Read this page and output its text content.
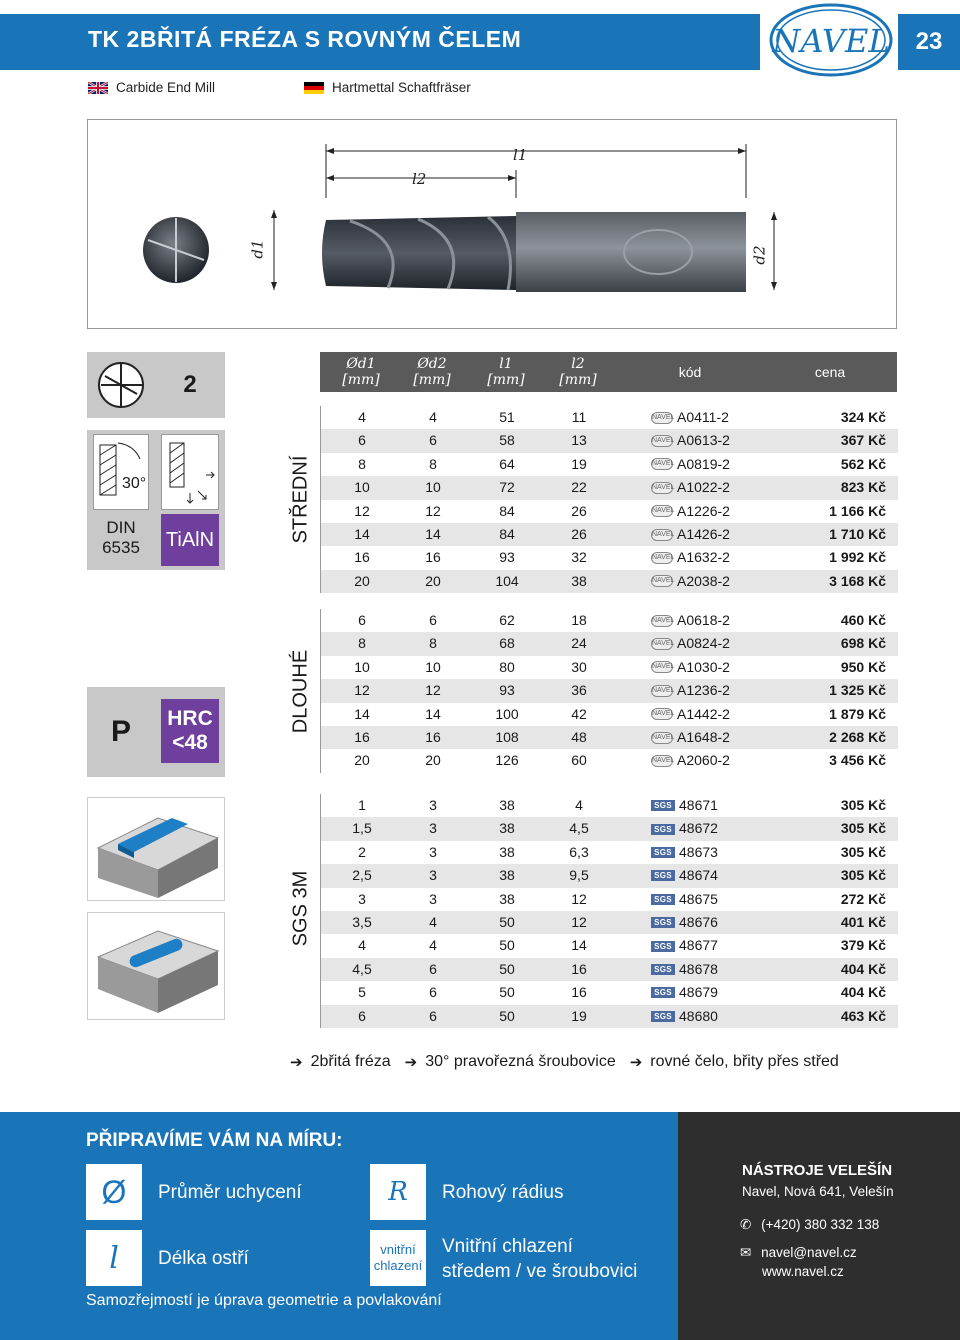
TK 2BŘITÁ FRÉZA S ROVNÝM ČELEM	NAVEL	23
Carbide End Mill	Hartmettal Schaftfräser
l1
l2
d1	d2
2
30°
DIN 6535	TiAlN
P	HRC
<48
STŘEDNÍ
DLOUHÉ
SGS 3M
Ød1
[mm]
Ød2
[mm]
l1
[mm]
l2
[mm]	kód	cena
4	4	51	11	NAVEL A0411-2	324 Kč
6	6	58	13	NAVEL A0613-2	367 Kč
8	8	64	19	NAVEL A0819-2	562 Kč
10	10	72	22	NAVEL A1022-2	823 Kč
12	12	84	26	NAVEL A1226-2	1 166 Kč
14	14	84	26	NAVEL A1426-2	1 710 Kč
16	16	93	32	NAVEL A1632-2	1 992 Kč
20	20	104	38	NAVEL A2038-2	3 168 Kč
6	6	62	18	NAVEL A0618-2	460 Kč
8	8	68	24	NAVEL A0824-2	698 Kč
10	10	80	30	NAVEL A1030-2	950 Kč
12	12	93	36	NAVEL A1236-2	1 325 Kč
14	14	100	42	NAVEL A1442-2	1 879 Kč
16	16	108	48	NAVEL A1648-2	2 268 Kč
20	20	126	60	NAVEL A2060-2	3 456 Kč
1	3	38	4	SGS 48671	305 Kč
1,5	3	38	4,5	SGS 48672	305 Kč
2	3	38	6,3	SGS 48673	305 Kč
2,5	3	38	9,5	SGS 48674	305 Kč
3	3	38	12	SGS 48675	272 Kč
3,5	4	50	12	SGS 48676	401 Kč
4	4	50	14	SGS 48677	379 Kč
4,5	6	50	16	SGS 48678	404 Kč
5	6	50	16	SGS 48679	404 Kč
6	6	50	19	SGS 48680	463 Kč
➔ 2břitá fréza ➔ 30° pravořezná šroubovice ➔ rovné čelo, břity přes střed
PŘIPRAVÍME VÁM NA MÍRU:
Ø	Průměr uchycení	R	Rohový rádius
l	Délka ostří	vnitřní chlazení
Vnitřní chlazení
středem / ve šroubovici
Samozřejmostí je úprava geometrie a povlakování
NÁSTROJE VELEŠÍN
Navel, Nová 641, Velešín
✆ (+420) 380 332 138
✉ navel@navel.cz
www.navel.cz
